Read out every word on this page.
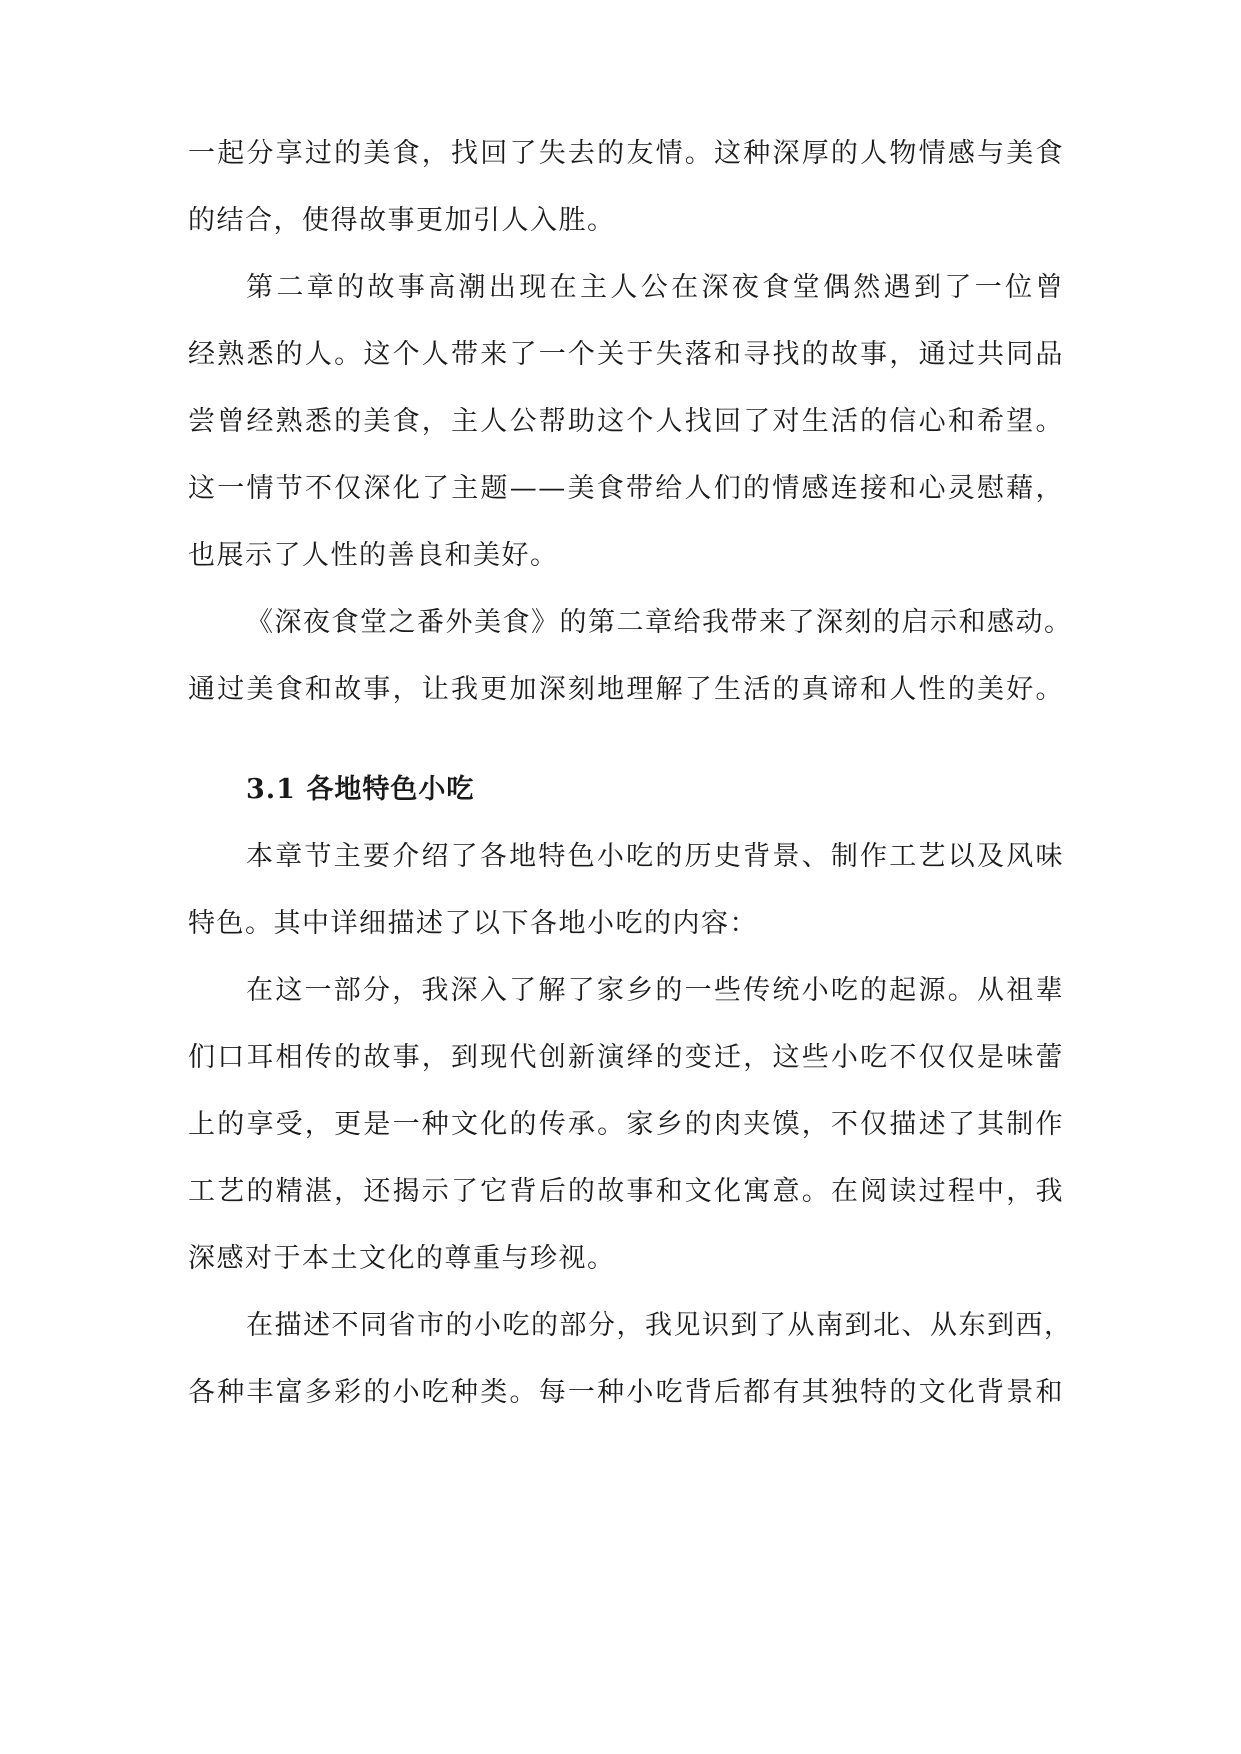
一起分享过的美食，找回了失去的友情。这种深厚的人物情感与美食
的结合，使得故事更加引人入胜。
第二章的故事高潮出现在主人公在深夜食堂偶然遇到了一位曾
经熟悉的人。这个人带来了一个关于失落和寻找的故事，通过共同品
尝曾经熟悉的美食，主人公帮助这个人找回了对生活的信心和希望。
这一情节不仅深化了主题——美食带给人们的情感连接和心灵慰藉，
也展示了人性的善良和美好。
《深夜食堂之番外美食》的第二章给我带来了深刻的启示和感动。
通过美食和故事，让我更加深刻地理解了生活的真谛和人性的美好。
3.1 各地特色小吃
本章节主要介绍了各地特色小吃的历史背景、制作工艺以及风味
特色。其中详细描述了以下各地小吃的内容：
在这一部分，我深入了解了家乡的一些传统小吃的起源。从祖辈
们口耳相传的故事，到现代创新演绎的变迁，这些小吃不仅仅是味蕾
上的享受，更是一种文化的传承。家乡的肉夹馍，不仅描述了其制作
工艺的精湛，还揭示了它背后的故事和文化寓意。在阅读过程中，我
深感对于本土文化的尊重与珍视。
在描述不同省市的小吃的部分，我见识到了从南到北、从东到西，
各种丰富多彩的小吃种类。每一种小吃背后都有其独特的文化背景和
